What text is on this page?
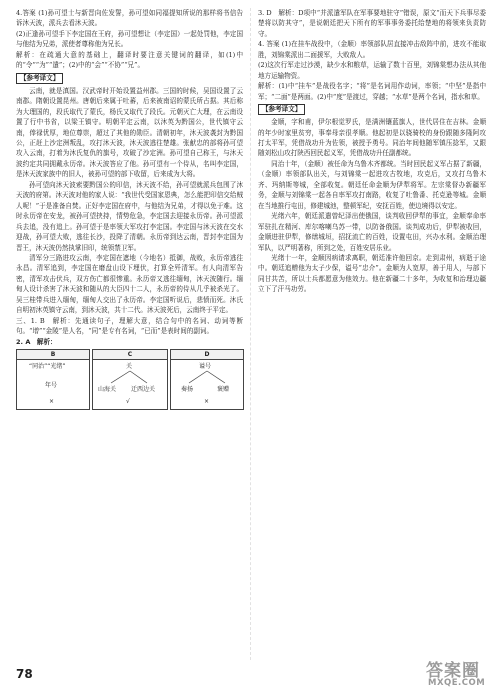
4.答案 (1)孙可望士与新晋向佐发誓，孙可望如同福提知所说的那样将书信告诉沐天波，派兵去看沐天波。

(2)正逢孙可望手下李定国在王府，孙可望想让（李定国）一起处罚他，李定国与他结为兄弟，派使者尊称他为兄长。

解析：在疏通大意的基础上，翻译时要注意关键词的翻译，如(1)中的“令”“为”“遣”；(2)中的“会”“不协”“兄”。

【参考译文】

云南，就是滇国。汉武帝时开始设置益州郡。三国的时候，吴国设置了云南郡。隋朝设置昆州。唐朝后来属于吐蕃，后来被南诏的蒙氏所占据。其后称为大理国的，段氏取代了蒙氏，杨氏又取代了段氏。元朝灭亡大理，在云南设置了行中书省，以梁王镇守。明朝平定云南，以沐英为黔国公，世代镇守云南，俸禄优厚，地位尊崇，超过了其他的勋臣。清朝初年，沐天波袭封为黔国公，正赶上沙定洲叛乱，攻打沐天波，沐天波逃往楚雄。张献忠的部将孙可望攻入云南，打着为沐氏复仇的旗号，攻破了沙定洲。孙可望自己称王，与沐天波约定共同拥戴永历帝。沐天波答应了他。孙可望有一个侍从，名叫李定国，是沐天波家族中的旧人，被孙可望的部下收留，后来成为大将。

孙可望向沐天波索要黔国公的印信，沐天波不给，孙可望就派兵包围了沐天波的府第。沐天波对他的家人说：“我世代受国家恩典，怎么能把印信交给贼人呢！”于是准备自焚。正好李定国在府中，与他结为兄弟，才得以免于难。这时永历帝在安龙，被孙可望挟持，情势危急，李定国去迎接永历帝。孙可望派兵去追，没有追上。孙可望于是率领大军攻打李定国。李定国与沐天波在交水迎战，孙可望大败，逃往长沙，投降了清朝。永历帝到达云南，晋封李定国为晋王，沐天波仍然执掌旧印，统领禁卫军。

清军分三路进攻云南，李定国在遮地（今地名）抵御，战败，永历帝逃往永昌。清军追到，李定国在磨盘山设下埋伏，打算全歼清军。有人向清军告密，清军攻击伏兵，双方伤亡都很惨重。永历帝又逃往缅甸，沐天波随行。缅甸人设计杀害了沐天波和随从的大臣四十二人，永历帝的侍从几乎被杀光了。吴三桂带兵进入缅甸，缅甸人交出了永历帝。李定国听说后，悲愤而死。沐氏自明初沐英镇守云南，到沐天波，共十二代。沐天波死后，云南终于平定。

三、1. B　解析：先通读句子，理解大意，结合句中的名词、动词等断句。“增”“金陵”是人名，“同”是专有名词，“已而”是表时间的副词。

2. A　解析：

B
“同治”“光绪”
年号
×
C
关
山海关 迁西边关
√
D
谥号
奏扬	褒赠
×

3. D　解析：D项中“并派遣军队在军事要地驻守”错误，原文“而天下兵事尽委楚将以防其守”，是说朝廷把天下所有的军事事务委托给楚地的将领来负责防守。

4. 答案 (1)在挂车战役中，（金顺）率领部队居直接冲击敌阵中前，进攻不能取胜，刘锦棠派出二面援军，大败敌人。

(2)这次行军走过沙漠，缺少水和粮草，运输了数十百里，刘锦棠想办法从其他地方运输物资。

解析：(1)中“挂车”是战役名字；“将”是名词用作动词，率领；“中坚”是指中军；“二面”是两面。(2)中“度”是渡过，穿越；“水草”是两个名词，指水和草。

【参考译文】

金顺，字和甫，伊尔根觉罗氏，是满洲镶蓝旗人，世代居住在吉林。金顺的年少时家里贫穷，事奉母亲很孝顺。他起初是以骁骑校的身份跟随多隆阿攻打太平军，凭借战功升为佐领，被授予勇号。同治年间他随军镇压捻军，又跟随刘松山攻打陕西回民起义军，凭借战功升任副都统。

同治十年，（金顺）被任命为乌鲁木齐都统。当时回民起义军占据了新疆，（金顺）率领部队出关，与刘锦棠一起进攻古牧地，攻克后，又攻打乌鲁木齐、玛纳斯等城，全部收复。朝廷任命金顺为伊犁将军。左宗棠督办新疆军务，金顺与刘锦棠一起各自率军攻打南路，收复了吐鲁番、托克逊等城。金顺在当地推行屯田，修建城池，整顿军纪，安抚百姓，使边境得以安定。

光绪六年，朝廷派遣曾纪泽出使俄国，谈判收回伊犁的事宜，金顺奉命率军驻扎在精河、库尔喀喇乌苏一带，以防备俄国。谈判成功后，伊犁被收回，金顺进驻伊犁，修缮城垣，招抚流亡的百姓，设置屯田，兴办水利。金顺治理军队，以严明著称，所到之处，百姓安居乐业。

光绪十一年，金顺因病请求离职，朝廷准许他回京。走到肃州，病逝于途中。朝廷追赠他为太子少保，谥号“忠介”。金顺为人宽厚，善于用人，与部下同甘共苦，所以士兵都愿意为他效力。他在新疆二十多年，为收复和治理边疆立下了汗马功劳。

78	答案圈
MXQE.COM
